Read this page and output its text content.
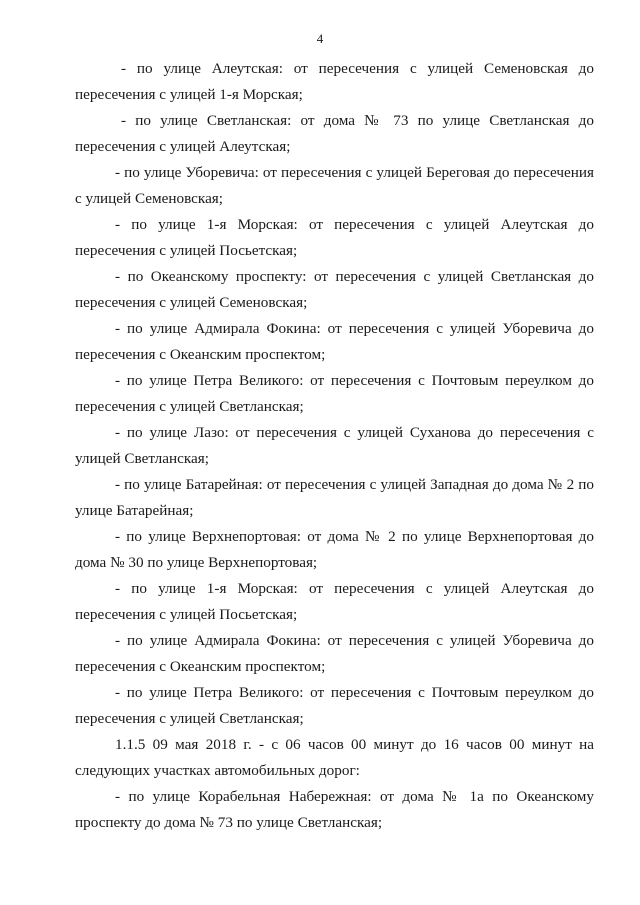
4

- по улице Алеутская: от пересечения с улицей Семеновская до пересечения с улицей 1-я Морская;

- по улице Светланская: от дома № 73 по улице Светланская до пересечения с улицей Алеутская;

- по улице Уборевича: от пересечения с улицей Береговая до пересечения с улицей Семеновская;

- по улице 1-я Морская: от пересечения с улицей Алеутская до пересечения с улицей Посьетская;

- по Океанскому проспекту: от пересечения с улицей Светланская до пересечения с улицей Семеновская;

- по улице Адмирала Фокина: от пересечения с улицей Уборевича до пересечения с Океанским проспектом;

- по улице Петра Великого: от пересечения с Почтовым переулком до пересечения с улицей Светланская;

- по улице Лазо: от пересечения с улицей Суханова до пересечения с улицей Светланская;

- по улице Батарейная: от пересечения с улицей Западная до дома № 2 по улице Батарейная;

- по улице Верхнепортовая: от дома № 2 по улице Верхнепортовая до дома № 30 по улице Верхнепортовая;

- по улице 1-я Морская: от пересечения с улицей Алеутская до пересечения с улицей Посьетская;

- по улице Адмирала Фокина: от пересечения с улицей Уборевича до пересечения с Океанским проспектом;

- по улице Петра Великого: от пересечения с Почтовым переулком до пересечения с улицей Светланская;

1.1.5 09 мая 2018 г. - с 06 часов 00 минут до 16 часов 00 минут на следующих участках автомобильных дорог:

- по улице Корабельная Набережная: от дома № 1а по Океанскому проспекту до дома № 73 по улице Светланская;
